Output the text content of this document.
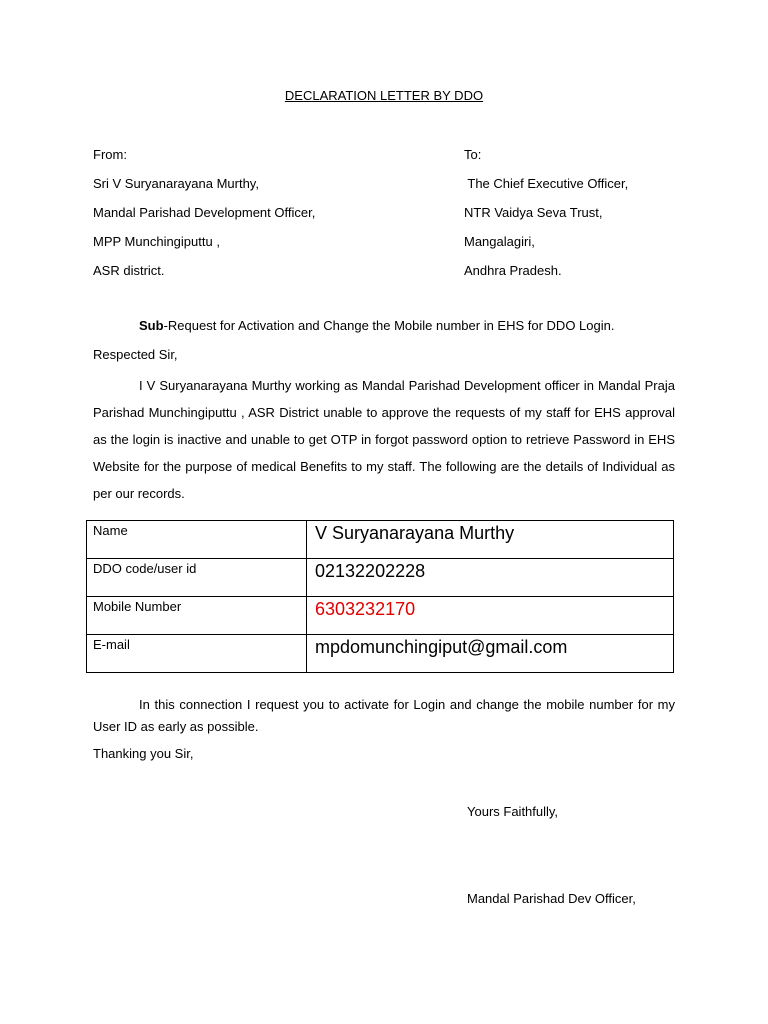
DECLARATION LETTER BY DDO
From:
Sri V Suryanarayana Murthy,
Mandal Parishad Development Officer,
MPP Munchingiputtu ,
ASR district.
To:
The Chief Executive Officer,
NTR Vaidya Seva Trust,
Mangalagiri,
Andhra Pradesh.
Sub-Request for Activation and Change the Mobile number in EHS for DDO Login.
Respected Sir,
I V Suryanarayana Murthy working as Mandal Parishad Development officer in Mandal Praja Parishad Munchingiputtu , ASR District unable to approve the requests of my staff for EHS approval as the login is inactive and unable to get OTP in forgot password option to retrieve Password in EHS Website for the purpose of medical Benefits to my staff. The following are the details of Individual as per our records.
Name	V Suryanarayana Murthy
DDO code/user id	02132202228
Mobile Number	6303232170
E-mail	mpdomunchingiput@gmail.com
In this connection I request you to activate for Login and change the mobile number for my User ID as early as possible.
Thanking you Sir,
Yours Faithfully,
Mandal Parishad Dev Officer,
